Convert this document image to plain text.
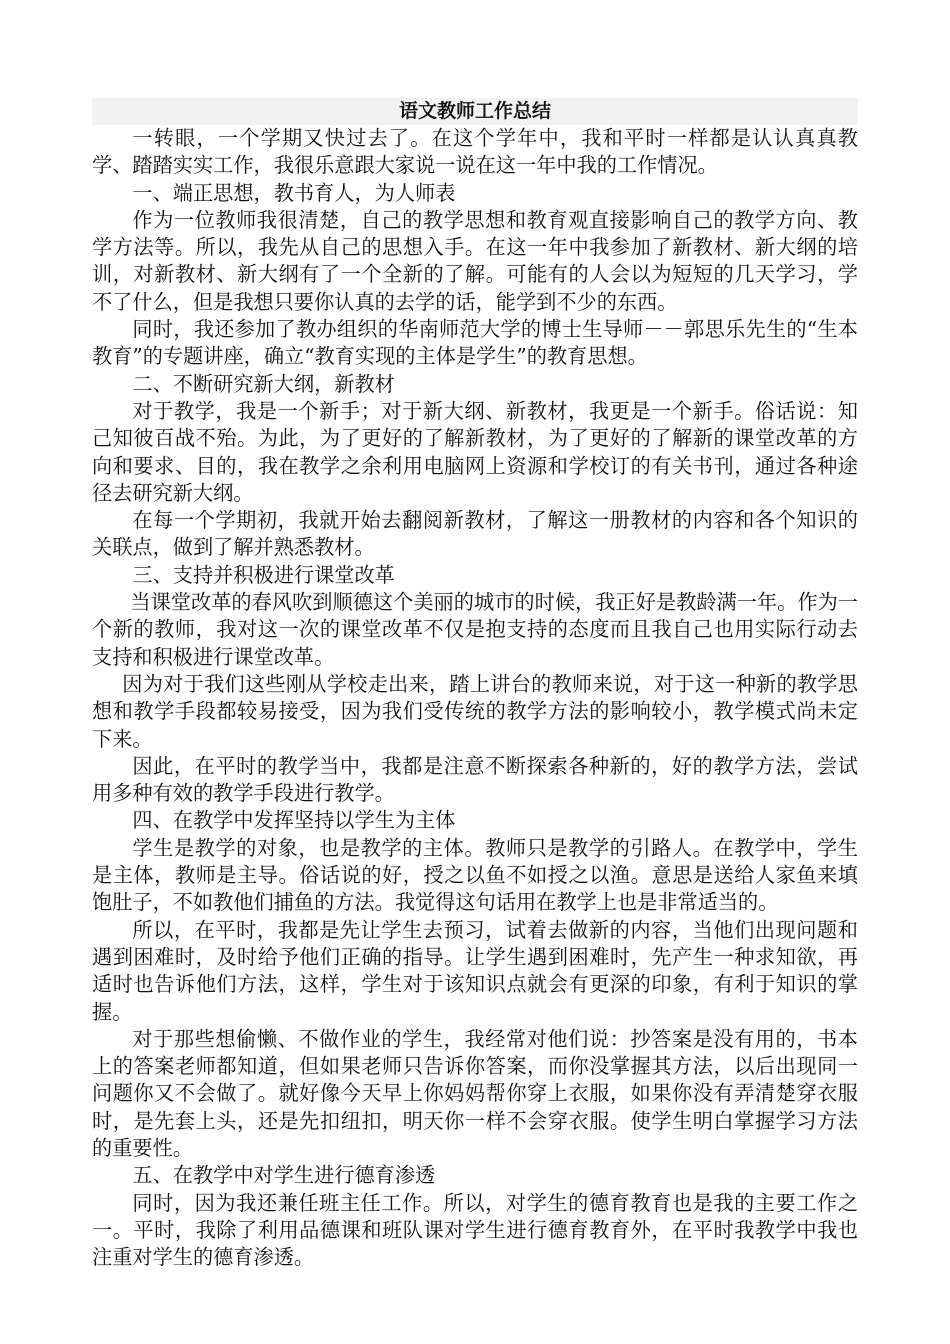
语文教师工作总结

一转眼，一个学期又快过去了。在这个学年中，我和平时一样都是认认真真教学、踏踏实实工作，我很乐意跟大家说一说在这一年中我的工作情况。

一、端正思想，教书育人，为人师表

作为一位教师我很清楚，自己的教学思想和教育观直接影响自己的教学方向、教学方法等。所以，我先从自己的思想入手。在这一年中我参加了新教材、新大纲的培训，对新教材、新大纲有了一个全新的了解。可能有的人会以为短短的几天学习，学不了什么，但是我想只要你认真的去学的话，能学到不少的东西。

同时，我还参加了教办组织的华南师范大学的博士生导师－－郭思乐先生的“生本教育”的专题讲座，确立“教育实现的主体是学生”的教育思想。

二、不断研究新大纲，新教材

对于教学，我是一个新手；对于新大纲、新教材，我更是一个新手。俗话说：知己知彼百战不殆。为此，为了更好的了解新教材，为了更好的了解新的课堂改革的方向和要求、目的，我在教学之余利用电脑网上资源和学校订的有关书刊，通过各种途径去研究新大纲。

在每一个学期初，我就开始去翻阅新教材，了解这一册教材的内容和各个知识的关联点，做到了解并熟悉教材。

三、支持并积极进行课堂改革

当课堂改革的春风吹到顺德这个美丽的城市的时候，我正好是教龄满一年。作为一个新的教师，我对这一次的课堂改革不仅是抱支持的态度而且我自己也用实际行动去支持和积极进行课堂改革。

因为对于我们这些刚从学校走出来，踏上讲台的教师来说，对于这一种新的教学思想和教学手段都较易接受，因为我们受传统的教学方法的影响较小，教学模式尚未定下来。

因此，在平时的教学当中，我都是注意不断探索各种新的，好的教学方法，尝试用多种有效的教学手段进行教学。

四、在教学中发挥坚持以学生为主体

学生是教学的对象，也是教学的主体。教师只是教学的引路人。在教学中，学生是主体，教师是主导。俗话说的好，授之以鱼不如授之以渔。意思是送给人家鱼来填饱肚子，不如教他们捕鱼的方法。我觉得这句话用在教学上也是非常适当的。

所以，在平时，我都是先让学生去预习，试着去做新的内容，当他们出现问题和遇到困难时，及时给予他们正确的指导。让学生遇到困难时，先产生一种求知欲，再适时也告诉他们方法，这样，学生对于该知识点就会有更深的印象，有利于知识的掌握。

对于那些想偷懒、不做作业的学生，我经常对他们说：抄答案是没有用的，书本上的答案老师都知道，但如果老师只告诉你答案，而你没掌握其方法，以后出现同一问题你又不会做了。就好像今天早上你妈妈帮你穿上衣服，如果你没有弄清楚穿衣服时，是先套上头，还是先扣纽扣，明天你一样不会穿衣服。使学生明白掌握学习方法的重要性。

五、在教学中对学生进行德育渗透

同时，因为我还兼任班主任工作。所以，对学生的德育教育也是我的主要工作之一。平时，我除了利用品德课和班队课对学生进行德育教育外，在平时我教学中我也注重对学生的德育渗透。
